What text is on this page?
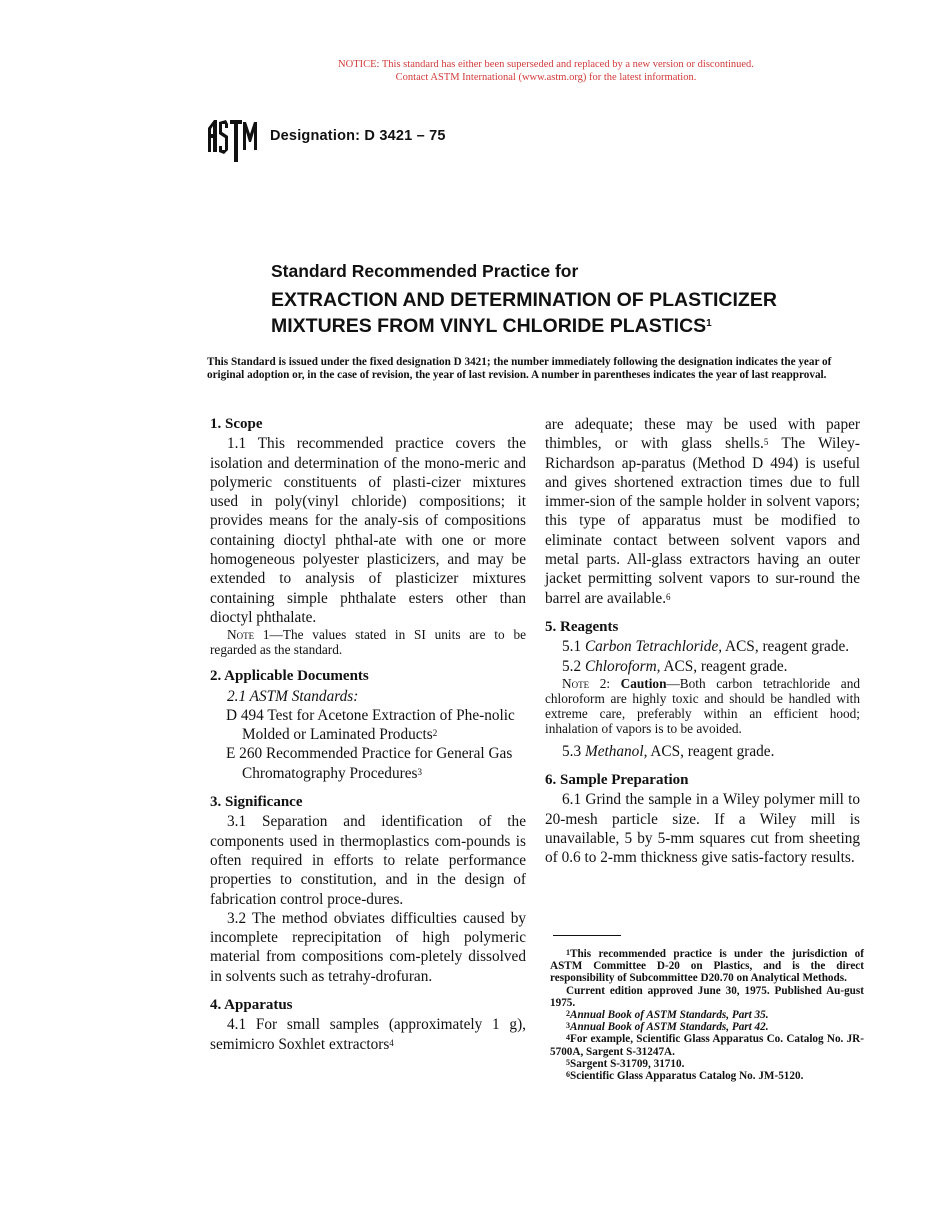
NOTICE: This standard has either been superseded and replaced by a new version or discontinued.
Contact ASTM International (www.astm.org) for the latest information.
Designation: D 3421 – 75
Standard Recommended Practice for
EXTRACTION AND DETERMINATION OF PLASTICIZER
MIXTURES FROM VINYL CHLORIDE PLASTICS$^1$
This Standard is issued under the fixed designation D 3421; the number immediately following the designation indicates the year of original adoption or, in the case of revision, the year of last revision. A number in parentheses indicates the year of last reapproval.
1. Scope

1.1 This recommended practice covers the isolation and determination of the mono-meric and polymeric constituents of plasti-cizer mixtures used in poly(vinyl chloride) compositions; it provides means for the analy-sis of compositions containing dioctyl phthal-ate with one or more homogeneous polyester plasticizers, and may be extended to analysis of plasticizer mixtures containing simple phthalate esters other than dioctyl phthalate.

Note 1—The values stated in SI units are to be regarded as the standard.

2. Applicable Documents

2.1 ASTM Standards:

D 494 Test for Acetone Extraction of Phe-nolic Molded or Laminated Products$^2$

E 260 Recommended Practice for General Gas Chromatography Procedures$^3$

3. Significance

3.1 Separation and identification of the components used in thermoplastics com-pounds is often required in efforts to relate performance properties to constitution, and in the design of fabrication control proce-dures.

3.2 The method obviates difficulties caused by incomplete reprecipitation of high polymeric material from compositions com-pletely dissolved in solvents such as tetrahy-drofuran.

4. Apparatus

4.1 For small samples (approximately 1 g), semimicro Soxhlet extractors$^4$

are adequate; these may be used with paper thimbles, or with glass shells.$^5$ The Wiley-Richardson ap-paratus (Method D 494) is useful and gives shortened extraction times due to full immer-sion of the sample holder in solvent vapors; this type of apparatus must be modified to eliminate contact between solvent vapors and metal parts. All-glass extractors having an outer jacket permitting solvent vapors to sur-round the barrel are available.$^6$

5. Reagents

5.1 Carbon Tetrachloride, ACS, reagent grade.

5.2 Chloroform, ACS, reagent grade.

Note 2: Caution—Both carbon tetrachloride and chloroform are highly toxic and should be handled with extreme care, preferably within an efficient hood; inhalation of vapors is to be avoided.

5.3 Methanol, ACS, reagent grade.

6. Sample Preparation

6.1 Grind the sample in a Wiley polymer mill to 20-mesh particle size. If a Wiley mill is unavailable, 5 by 5-mm squares cut from sheeting of 0.6 to 2-mm thickness give satis-factory results.

$^1$This recommended practice is under the jurisdiction of ASTM Committee D-20 on Plastics, and is the direct responsibility of Subcommittee D20.70 on Analytical Methods.

Current edition approved June 30, 1975. Published Au-gust 1975.

$^2$Annual Book of ASTM Standards, Part 35.

$^3$Annual Book of ASTM Standards, Part 42.

$^4$For example, Scientific Glass Apparatus Co. Catalog No. JR-5700A, Sargent S-31247A.

$^5$Sargent S-31709, 31710.

$^6$Scientific Glass Apparatus Catalog No. JM-5120.
